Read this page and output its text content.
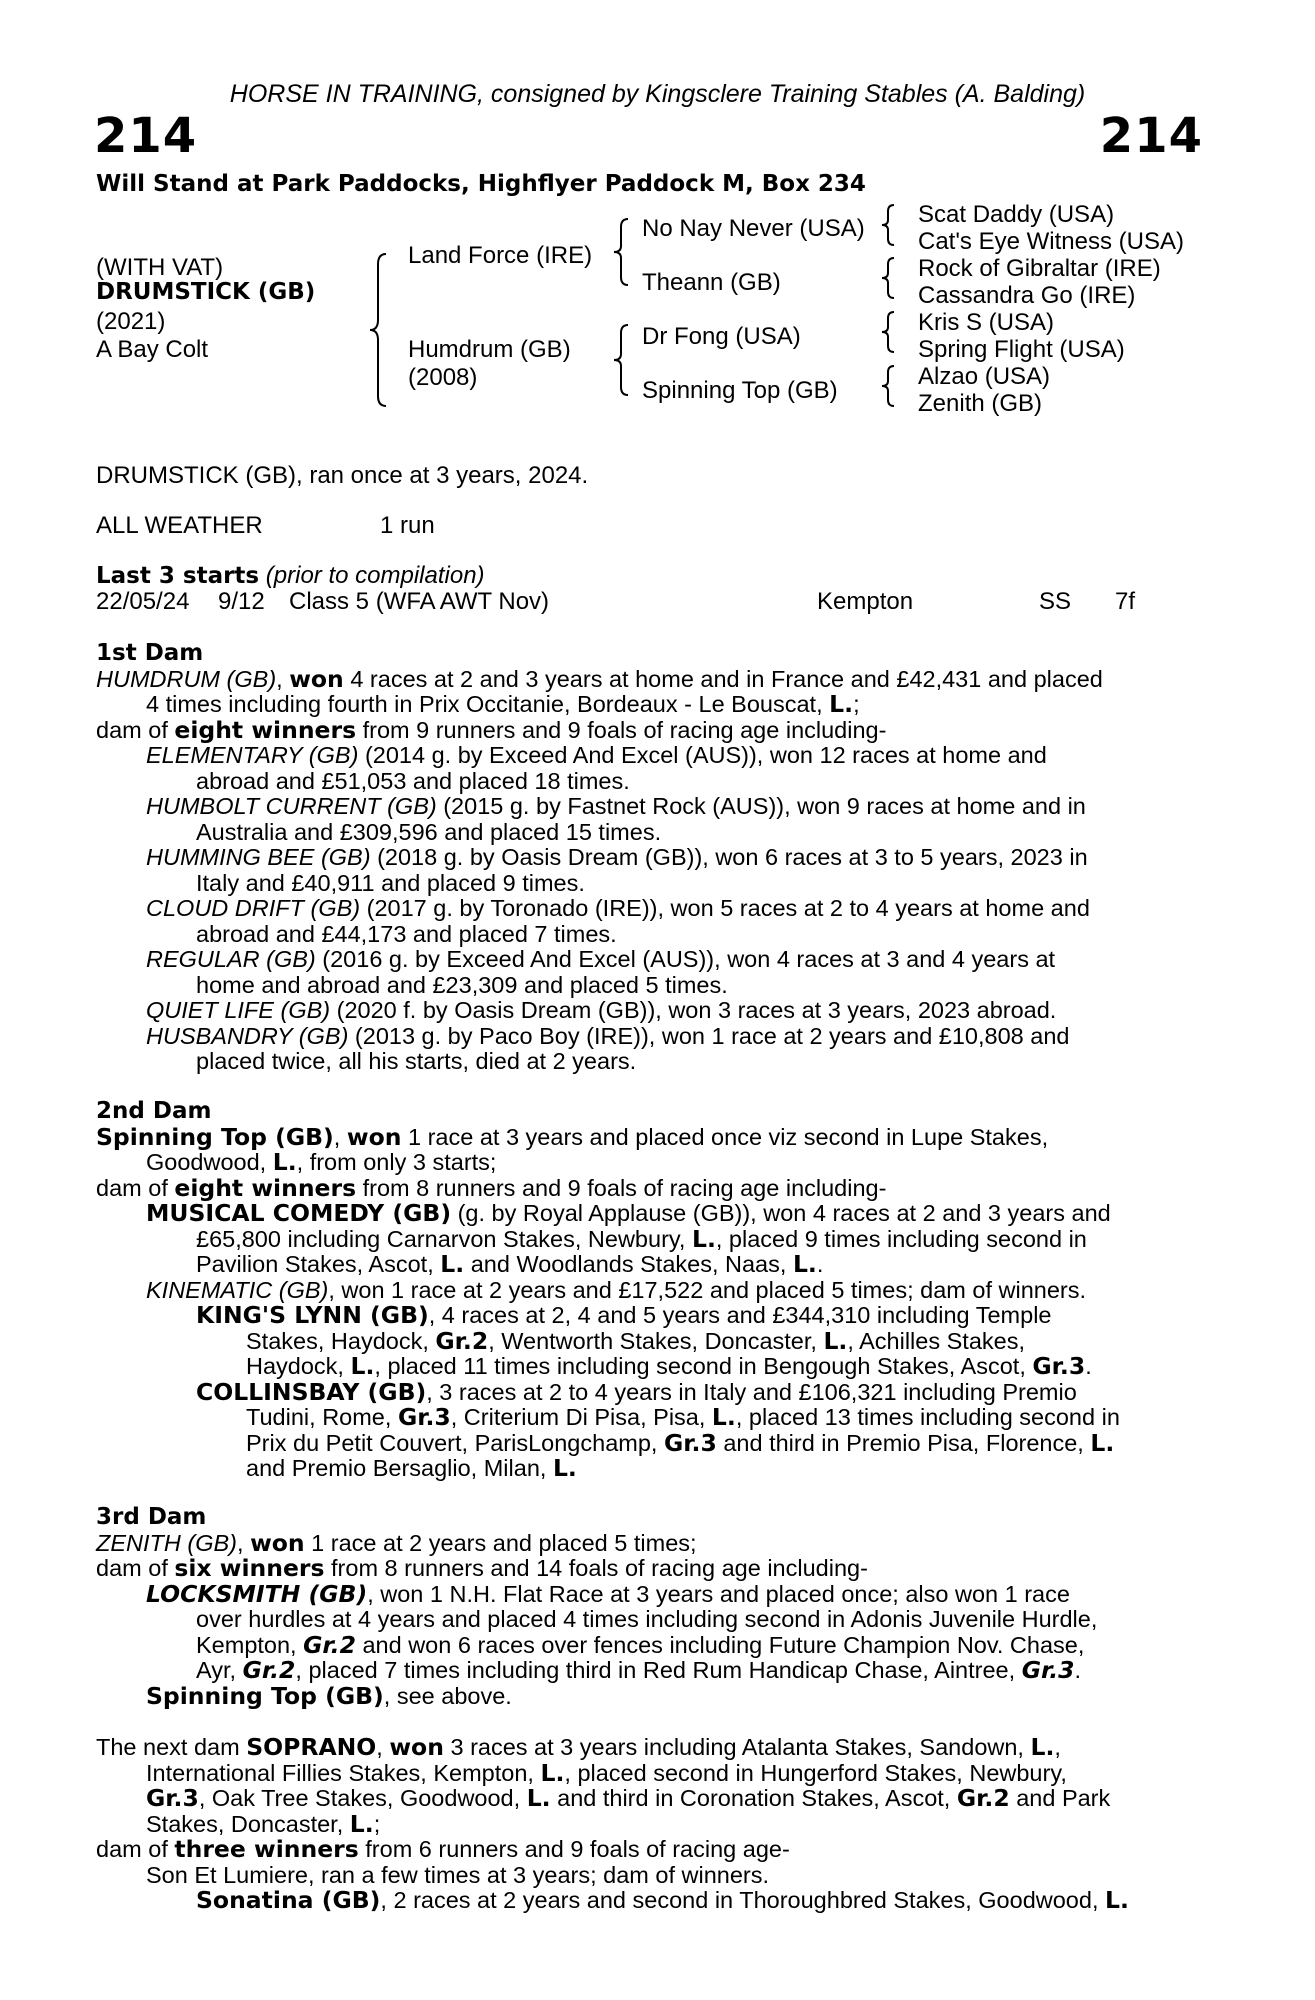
HORSE IN TRAINING, consigned by Kingsclere Training Stables (A. Balding)
214	214
Will Stand at Park Paddocks, Highflyer Paddock M, Box 234
(WITH VAT)
DRUMSTICK (GB)
(2021)
A Bay Colt
Land Force (IRE)
Humdrum (GB)
(2008)
No Nay Never (USA)
Theann (GB)
Dr Fong (USA)
Spinning Top (GB)
Scat Daddy (USA)
Cat's Eye Witness (USA)
Rock of Gibraltar (IRE)
Cassandra Go (IRE)
Kris S (USA)
Spring Flight (USA)
Alzao (USA)
Zenith (GB)
DRUMSTICK (GB), ran once at 3 years, 2024.
ALL WEATHER	1 run
Last 3 starts (prior to compilation)
22/05/24 9/12 Class 5 (WFA AWT Nov)	Kempton	SS 7f
1st Dam
HUMDRUM (GB), won 4 races at 2 and 3 years at home and in France and £42,431 and placed
4 times including fourth in Prix Occitanie, Bordeaux - Le Bouscat, L.;
dam of eight winners from 9 runners and 9 foals of racing age including-
ELEMENTARY (GB) (2014 g. by Exceed And Excel (AUS)), won 12 races at home and
abroad and £51,053 and placed 18 times.
HUMBOLT CURRENT (GB) (2015 g. by Fastnet Rock (AUS)), won 9 races at home and in
Australia and £309,596 and placed 15 times.
HUMMING BEE (GB) (2018 g. by Oasis Dream (GB)), won 6 races at 3 to 5 years, 2023 in
Italy and £40,911 and placed 9 times.
CLOUD DRIFT (GB) (2017 g. by Toronado (IRE)), won 5 races at 2 to 4 years at home and
abroad and £44,173 and placed 7 times.
REGULAR (GB) (2016 g. by Exceed And Excel (AUS)), won 4 races at 3 and 4 years at
home and abroad and £23,309 and placed 5 times.
QUIET LIFE (GB) (2020 f. by Oasis Dream (GB)), won 3 races at 3 years, 2023 abroad.
HUSBANDRY (GB) (2013 g. by Paco Boy (IRE)), won 1 race at 2 years and £10,808 and
placed twice, all his starts, died at 2 years.
2nd Dam
Spinning Top (GB), won 1 race at 3 years and placed once viz second in Lupe Stakes,
Goodwood, L., from only 3 starts;
dam of eight winners from 8 runners and 9 foals of racing age including-
MUSICAL COMEDY (GB) (g. by Royal Applause (GB)), won 4 races at 2 and 3 years and
£65,800 including Carnarvon Stakes, Newbury, L., placed 9 times including second in
Pavilion Stakes, Ascot, L. and Woodlands Stakes, Naas, L..
KINEMATIC (GB), won 1 race at 2 years and £17,522 and placed 5 times; dam of winners.
KING'S LYNN (GB), 4 races at 2, 4 and 5 years and £344,310 including Temple
Stakes, Haydock, Gr.2, Wentworth Stakes, Doncaster, L., Achilles Stakes,
Haydock, L., placed 11 times including second in Bengough Stakes, Ascot, Gr.3.
COLLINSBAY (GB), 3 races at 2 to 4 years in Italy and £106,321 including Premio
Tudini, Rome, Gr.3, Criterium Di Pisa, Pisa, L., placed 13 times including second in
Prix du Petit Couvert, ParisLongchamp, Gr.3 and third in Premio Pisa, Florence, L.
and Premio Bersaglio, Milan, L.
3rd Dam
ZENITH (GB), won 1 race at 2 years and placed 5 times;
dam of six winners from 8 runners and 14 foals of racing age including-
LOCKSMITH (GB), won 1 N.H. Flat Race at 3 years and placed once; also won 1 race
over hurdles at 4 years and placed 4 times including second in Adonis Juvenile Hurdle,
Kempton, Gr.2 and won 6 races over fences including Future Champion Nov. Chase,
Ayr, Gr.2, placed 7 times including third in Red Rum Handicap Chase, Aintree, Gr.3.
Spinning Top (GB), see above.
The next dam SOPRANO, won 3 races at 3 years including Atalanta Stakes, Sandown, L.,
International Fillies Stakes, Kempton, L., placed second in Hungerford Stakes, Newbury,
Gr.3, Oak Tree Stakes, Goodwood, L. and third in Coronation Stakes, Ascot, Gr.2 and Park
Stakes, Doncaster, L.;
dam of three winners from 6 runners and 9 foals of racing age-
Son Et Lumiere, ran a few times at 3 years; dam of winners.
Sonatina (GB), 2 races at 2 years and second in Thoroughbred Stakes, Goodwood, L.
